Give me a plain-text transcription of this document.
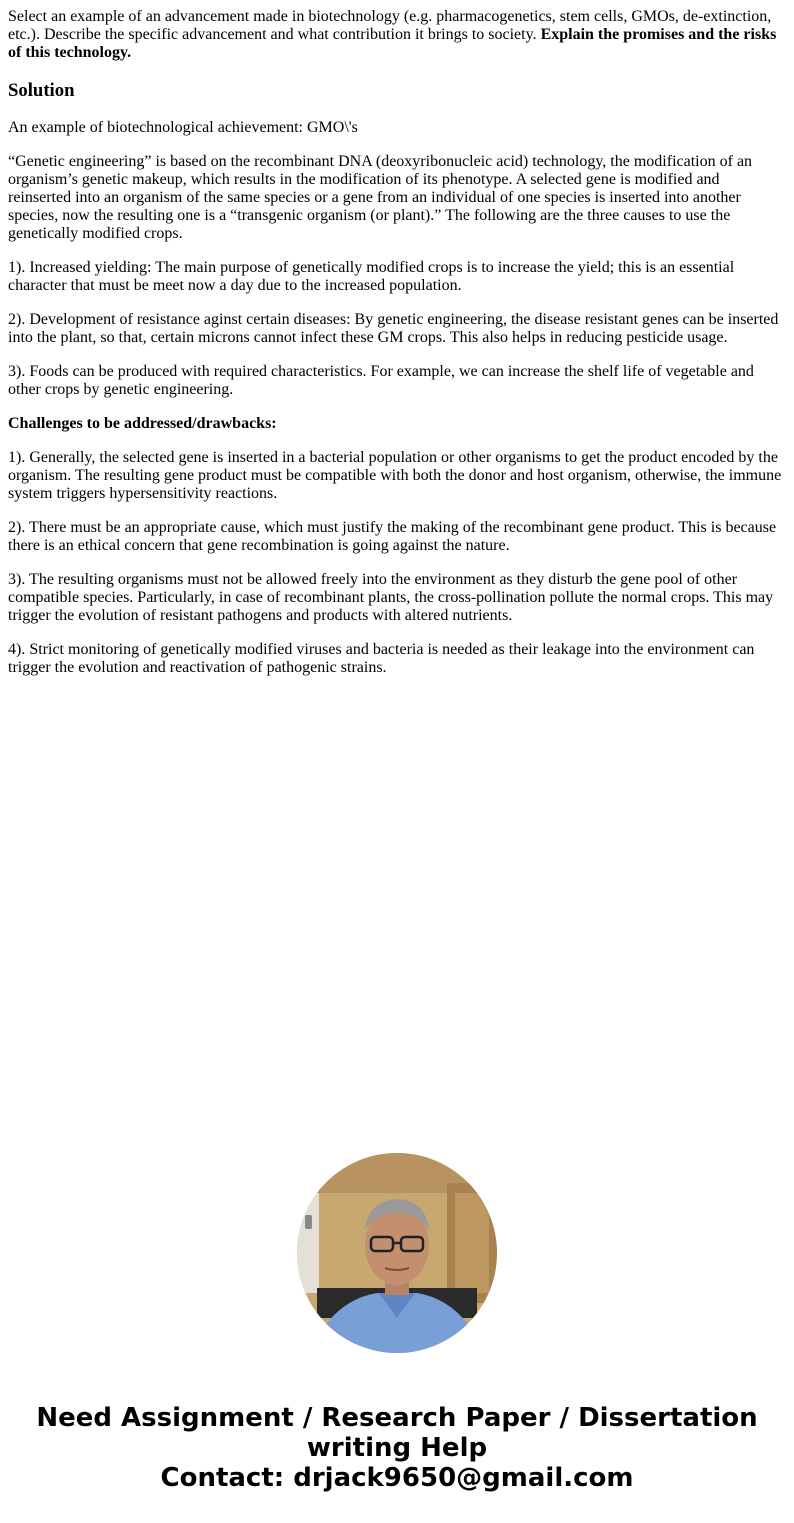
Select an example of an advancement made in biotechnology (e.g. pharmacogenetics, stem cells, GMOs, de-extinction, etc.). Describe the specific advancement and what contribution it brings to society. Explain the promises and the risks of this technology.

Solution

An example of biotechnological achievement: GMO\'s

“Genetic engineering” is based on the recombinant DNA (deoxyribonucleic acid) technology, the modification of an organism’s genetic makeup, which results in the modification of its phenotype. A selected gene is modified and reinserted into an organism of the same species or a gene from an individual of one species is inserted into another species, now the resulting one is a “transgenic organism (or plant).” The following are the three causes to use the genetically modified crops.

1). Increased yielding: The main purpose of genetically modified crops is to increase the yield; this is an essential character that must be meet now a day due to the increased population.

2). Development of resistance aginst certain diseases: By genetic engineering, the disease resistant genes can be inserted into the plant, so that, certain microns cannot infect these GM crops. This also helps in reducing pesticide usage.

3). Foods can be produced with required characteristics. For example, we can increase the shelf life of vegetable and other crops by genetic engineering.

Challenges to be addressed/drawbacks:

1). Generally, the selected gene is inserted in a bacterial population or other organisms to get the product encoded by the organism. The resulting gene product must be compatible with both the donor and host organism, otherwise, the immune system triggers hypersensitivity reactions.

2). There must be an appropriate cause, which must justify the making of the recombinant gene product. This is because there is an ethical concern that gene recombination is going against the nature.

3). The resulting organisms must not be allowed freely into the environment as they disturb the gene pool of other compatible species. Particularly, in case of recombinant plants, the cross-pollination pollute the normal crops. This may trigger the evolution of resistant pathogens and products with altered nutrients.

4). Strict monitoring of genetically modified viruses and bacteria is needed as their leakage into the environment can trigger the evolution and reactivation of pathogenic strains.

Need Assignment / Research Paper / Dissertation
writing Help
Contact: drjack9650@gmail.com
